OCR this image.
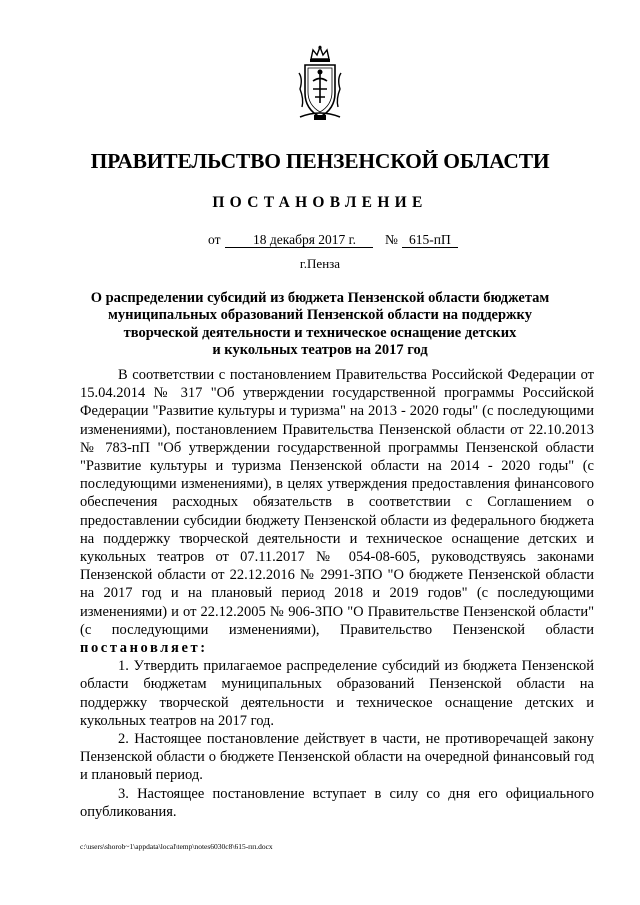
ПРАВИТЕЛЬСТВО ПЕНЗЕНСКОЙ ОБЛАСТИ
ПОСТАНОВЛЕНИЕ
от 18 декабря 2017 г. № 615-пП
г.Пенза
О распределении субсидий из бюджета Пензенской области бюджетам
муниципальных образований Пензенской области на поддержку
творческой деятельности и техническое оснащение детских
и кукольных театров на 2017 год

В соответствии с постановлением Правительства Российской Федерации от 15.04.2014 № 317 "Об утверждении государственной программы Российской Федерации "Развитие культуры и туризма" на 2013 - 2020 годы" (с последующими изменениями), постановлением Правительства Пензенской области от 22.10.2013 № 783-пП "Об утверждении государственной программы Пензенской области "Развитие культуры и туризма Пензенской области на 2014 - 2020 годы" (с последующими изменениями), в целях утверждения предоставления финансового обеспечения расходных обязательств в соответствии с Соглашением о предоставлении субсидии бюджету Пензенской области из федерального бюджета на поддержку творческой деятельности и техническое оснащение детских и кукольных театров от 07.11.2017 № 054-08-605, руководствуясь законами Пензенской области от 22.12.2016 № 2991-ЗПО "О бюджете Пензенской области на 2017 год и на плановый период 2018 и 2019 годов" (с последующими изменениями) и от 22.12.2005 № 906-ЗПО "О Правительстве Пензенской области" (с последующими изменениями), Правительство Пензенской области постановляет:

1. Утвердить прилагаемое распределение субсидий из бюджета Пензенской области бюджетам муниципальных образований Пензенской области на поддержку творческой деятельности и техническое оснащение детских и кукольных театров на 2017 год.

2. Настоящее постановление действует в части, не противоречащей закону Пензенской области о бюджете Пензенской области на очередной финансовый год и плановый период.

3. Настоящее постановление вступает в силу со дня его официального опубликования.

c:\users\shorob~1\appdata\local\temp\notes6030c8\615-пп.docx
